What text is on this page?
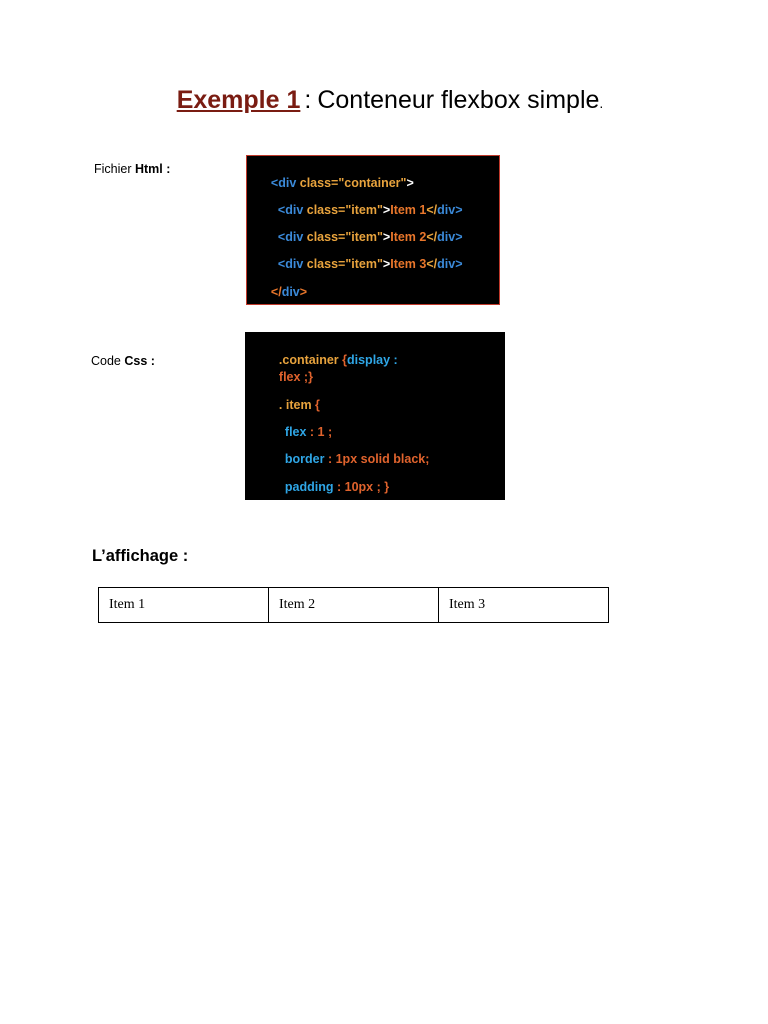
Exemple 1 : Conteneur flexbox simple.
Fichier Html :

<div class="container">

<div class="item">Item 1</div>

<div class="item">Item 2</div>

<div class="item">Item 3</div>

</div>

Code Css :	.container {display :

flex ;}

. item {

flex : 1 ;

border : 1px solid black;

padding : 10px ; }

L’affichage :
Item 1	Item 2	Item 3
